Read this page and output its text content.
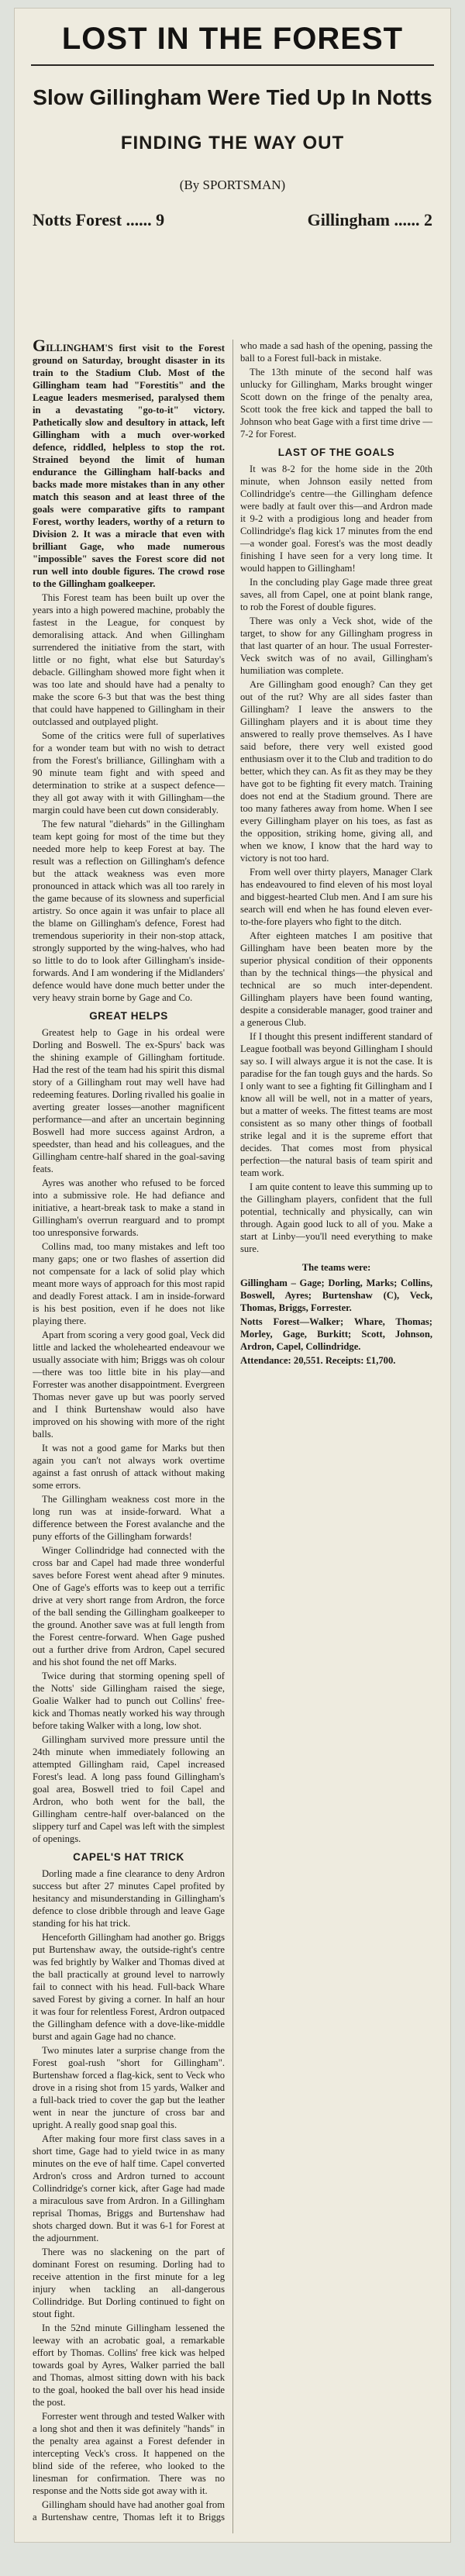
LOST IN THE FOREST
Slow Gillingham Were Tied Up In Notts
FINDING THE WAY OUT
(By SPORTSMAN)
Notts Forest ...... 9	Gillingham ...... 2

GILLINGHAM'S first visit to the Forest ground on Saturday, brought disaster in its train to the Stadium Club. Most of the Gillingham team had "Forestitis" and the League leaders mesmerised, paralysed them in a devastating "go-to-it" victory. Pathetically slow and desultory in attack, left Gillingham with a much over-worked defence, riddled, helpless to stop the rot. Strained beyond the limit of human endurance the Gillingham half-backs and backs made more mistakes than in any other match this season and at least three of the goals were comparative gifts to rampant Forest, worthy leaders, worthy of a return to Division 2. It was a miracle that even with brilliant Gage, who made numerous "impossible" saves the Forest score did not run well into double figures. The crowd rose to the Gillingham goalkeeper.

This Forest team has been built up over the years into a high powered machine, probably the fastest in the League, for conquest by demoralising attack. And when Gillingham surrendered the initiative from the start, with little or no fight, what else but Saturday's debacle. Gillingham showed more fight when it was too late and should have had a penalty to make the score 6-3 but that was the best thing that could have happened to Gillingham in their outclassed and outplayed plight.

Some of the critics were full of superlatives for a wonder team but with no wish to detract from the Forest's brilliance, Gillingham with a 90 minute team fight and with speed and determination to strike at a suspect defence—they all got away with it with Gillingham—the margin could have been cut down considerably.

The few natural "diehards" in the Gillingham team kept going for most of the time but they needed more help to keep Forest at bay. The result was a reflection on Gillingham's defence but the attack weakness was even more pronounced in attack which was all too rarely in the game because of its slowness and superficial artistry. So once again it was unfair to place all the blame on Gillingham's defence, Forest had tremendous superiority in their non-stop attack, strongly supported by the wing-halves, who had so little to do to look after Gillingham's inside-forwards. And I am wondering if the Midlanders' defence would have done much better under the very heavy strain borne by Gage and Co.

GREAT HELPS

Greatest help to Gage in his ordeal were Dorling and Boswell. The ex-Spurs' back was the shining example of Gillingham fortitude. Had the rest of the team had his spirit this dismal story of a Gillingham rout may well have had redeeming features. Dorling rivalled his goalie in averting greater losses—another magnificent performance—and after an uncertain beginning Boswell had more success against Ardron, a speedster, than head and his colleagues, and the Gillingham centre-half shared in the goal-saving feats.

Ayres was another who refused to be forced into a submissive role. He had defiance and initiative, a heart-break task to make a stand in Gillingham's overrun rearguard and to prompt too unresponsive forwards.

Collins mad, too many mistakes and left too many gaps; one or two flashes of assertion did not compensate for a lack of solid play which meant more ways of approach for this most rapid and deadly Forest attack. I am in inside-forward is his best position, even if he does not like playing there.

Apart from scoring a very good goal, Veck did little and lacked the wholehearted endeavour we usually associate with him; Briggs was oh colour—there was too little bite in his play—and Forrester was another disappointment. Evergreen Thomas never gave up but was poorly served and I think Burtenshaw would also have improved on his showing with more of the right balls.

It was not a good game for Marks but then again you can't not always work overtime against a fast onrush of attack without making some errors.

The Gillingham weakness cost more in the long run was at inside-forward. What a difference between the Forest avalanche and the puny efforts of the Gillingham forwards!

Winger Collindridge had connected with the cross bar and Capel had made three wonderful saves before Forest went ahead after 9 minutes. One of Gage's efforts was to keep out a terrific drive at very short range from Ardron, the force of the ball sending the Gillingham goalkeeper to the ground. Another save was at full length from the Forest centre-forward. When Gage pushed out a further drive from Ardron, Capel secured and his shot found the net off Marks.

Twice during that storming opening spell of the Notts' side Gillingham raised the siege, Goalie Walker had to punch out Collins' free-kick and Thomas neatly worked his way through before taking Walker with a long, low shot.

Gillingham survived more pressure until the 24th minute when immediately following an attempted Gillingham raid, Capel increased Forest's lead. A long pass found Gillingham's goal area, Boswell tried to foil Capel and Ardron, who both went for the ball, the Gillingham centre-half over-balanced on the slippery turf and Capel was left with the simplest of openings.

CAPEL'S HAT TRICK

Dorling made a fine clearance to deny Ardron success but after 27 minutes Capel profited by hesitancy and misunderstanding in Gillingham's defence to close dribble through and leave Gage standing for his hat trick.

Henceforth Gillingham had another go. Briggs put Burtenshaw away, the outside-right's centre was fed brightly by Walker and Thomas dived at the ball practically at ground level to narrowly fail to connect with his head. Full-back Whare saved Forest by giving a corner. In half an hour it was four for relentless Forest, Ardron outpaced the Gillingham defence with a dove-like-middle burst and again Gage had no chance.

Two minutes later a surprise change from the Forest goal-rush "short for Gillingham". Burtenshaw forced a flag-kick, sent to Veck who drove in a rising shot from 15 yards, Walker and a full-back tried to cover the gap but the leather went in near the juncture of cross bar and upright. A really good snap goal this.

After making four more first class saves in a short time, Gage had to yield twice in as many minutes on the eve of half time. Capel converted Ardron's cross and Ardron turned to account Collindridge's corner kick, after Gage had made a miraculous save from Ardron. In a Gillingham reprisal Thomas, Briggs and Burtenshaw had shots charged down. But it was 6-1 for Forest at the adjournment.

There was no slackening on the part of dominant Forest on resuming. Dorling had to receive attention in the first minute for a leg injury when tackling an all-dangerous Collindridge. But Dorling continued to fight on stout fight.

In the 52nd minute Gillingham lessened the leeway with an acrobatic goal, a remarkable effort by Thomas. Collins' free kick was helped towards goal by Ayres, Walker parried the ball and Thomas, almost sitting down with his back to the goal, hooked the ball over his head inside the post.

Forrester went through and tested Walker with a long shot and then it was definitely "hands" in the penalty area against a Forest defender in intercepting Veck's cross. It happened on the blind side of the referee, who looked to the linesman for confirmation. There was no response and the Notts side got away with it.

Gillingham should have had another goal from a Burtenshaw centre, Thomas left it to Briggs who made a sad hash of the opening, passing the ball to a Forest full-back in mistake.

The 13th minute of the second half was unlucky for Gillingham, Marks brought winger Scott down on the fringe of the penalty area, Scott took the free kick and tapped the ball to Johnson who beat Gage with a first time drive —7-2 for Forest.

LAST OF THE GOALS

It was 8-2 for the home side in the 20th minute, when Johnson easily netted from Collindridge's centre—the Gillingham defence were badly at fault over this—and Ardron made it 9-2 with a prodigious long and header from Collindridge's flag kick 17 minutes from the end—a wonder goal. Forest's was the most deadly finishing I have seen for a very long time. It would happen to Gillingham!

In the concluding play Gage made three great saves, all from Capel, one at point blank range, to rob the Forest of double figures.

There was only a Veck shot, wide of the target, to show for any Gillingham progress in that last quarter of an hour. The usual Forrester-Veck switch was of no avail, Gillingham's humiliation was complete.

Are Gillingham good enough? Can they get out of the rut? Why are all sides faster than Gillingham? I leave the answers to the Gillingham players and it is about time they answered to really prove themselves. As I have said before, there very well existed good enthusiasm over it to the Club and tradition to do better, which they can. As fit as they may be they have got to be fighting fit every match. Training does not end at the Stadium ground. There are too many fatheres away from home. When I see every Gillingham player on his toes, as fast as the opposition, striking home, giving all, and when we know, I know that the hard way to victory is not too hard.

From well over thirty players, Manager Clark has endeavoured to find eleven of his most loyal and biggest-hearted Club men. And I am sure his search will end when he has found eleven ever-to-the-fore players who fight to the ditch.

After eighteen matches I am positive that Gillingham have been beaten more by the superior physical condition of their opponents than by the technical things—the physical and technical are so much inter-dependent. Gillingham players have been found wanting, despite a considerable manager, good trainer and a generous Club.

If I thought this present indifferent standard of League football was beyond Gillingham I should say so. I will always argue it is not the case. It is paradise for the fan tough guys and the hards. So I only want to see a fighting fit Gillingham and I know all will be well, not in a matter of years, but a matter of weeks. The fittest teams are most consistent as so many other things of football strike legal and it is the supreme effort that decides. That comes most from physical perfection—the natural basis of team spirit and team work.

I am quite content to leave this summing up to the Gillingham players, confident that the full potential, technically and physically, can win through. Again good luck to all of you. Make a start at Linby—you'll need everything to make sure.

The teams were:

Gillingham – Gage; Dorling, Marks; Collins, Boswell, Ayres; Burtenshaw (C), Veck, Thomas, Briggs, Forrester.

Notts Forest—Walker; Whare, Thomas; Morley, Gage, Burkitt; Scott, Johnson, Ardron, Capel, Collindridge.

Attendance: 20,551. Receipts: £1,700.
